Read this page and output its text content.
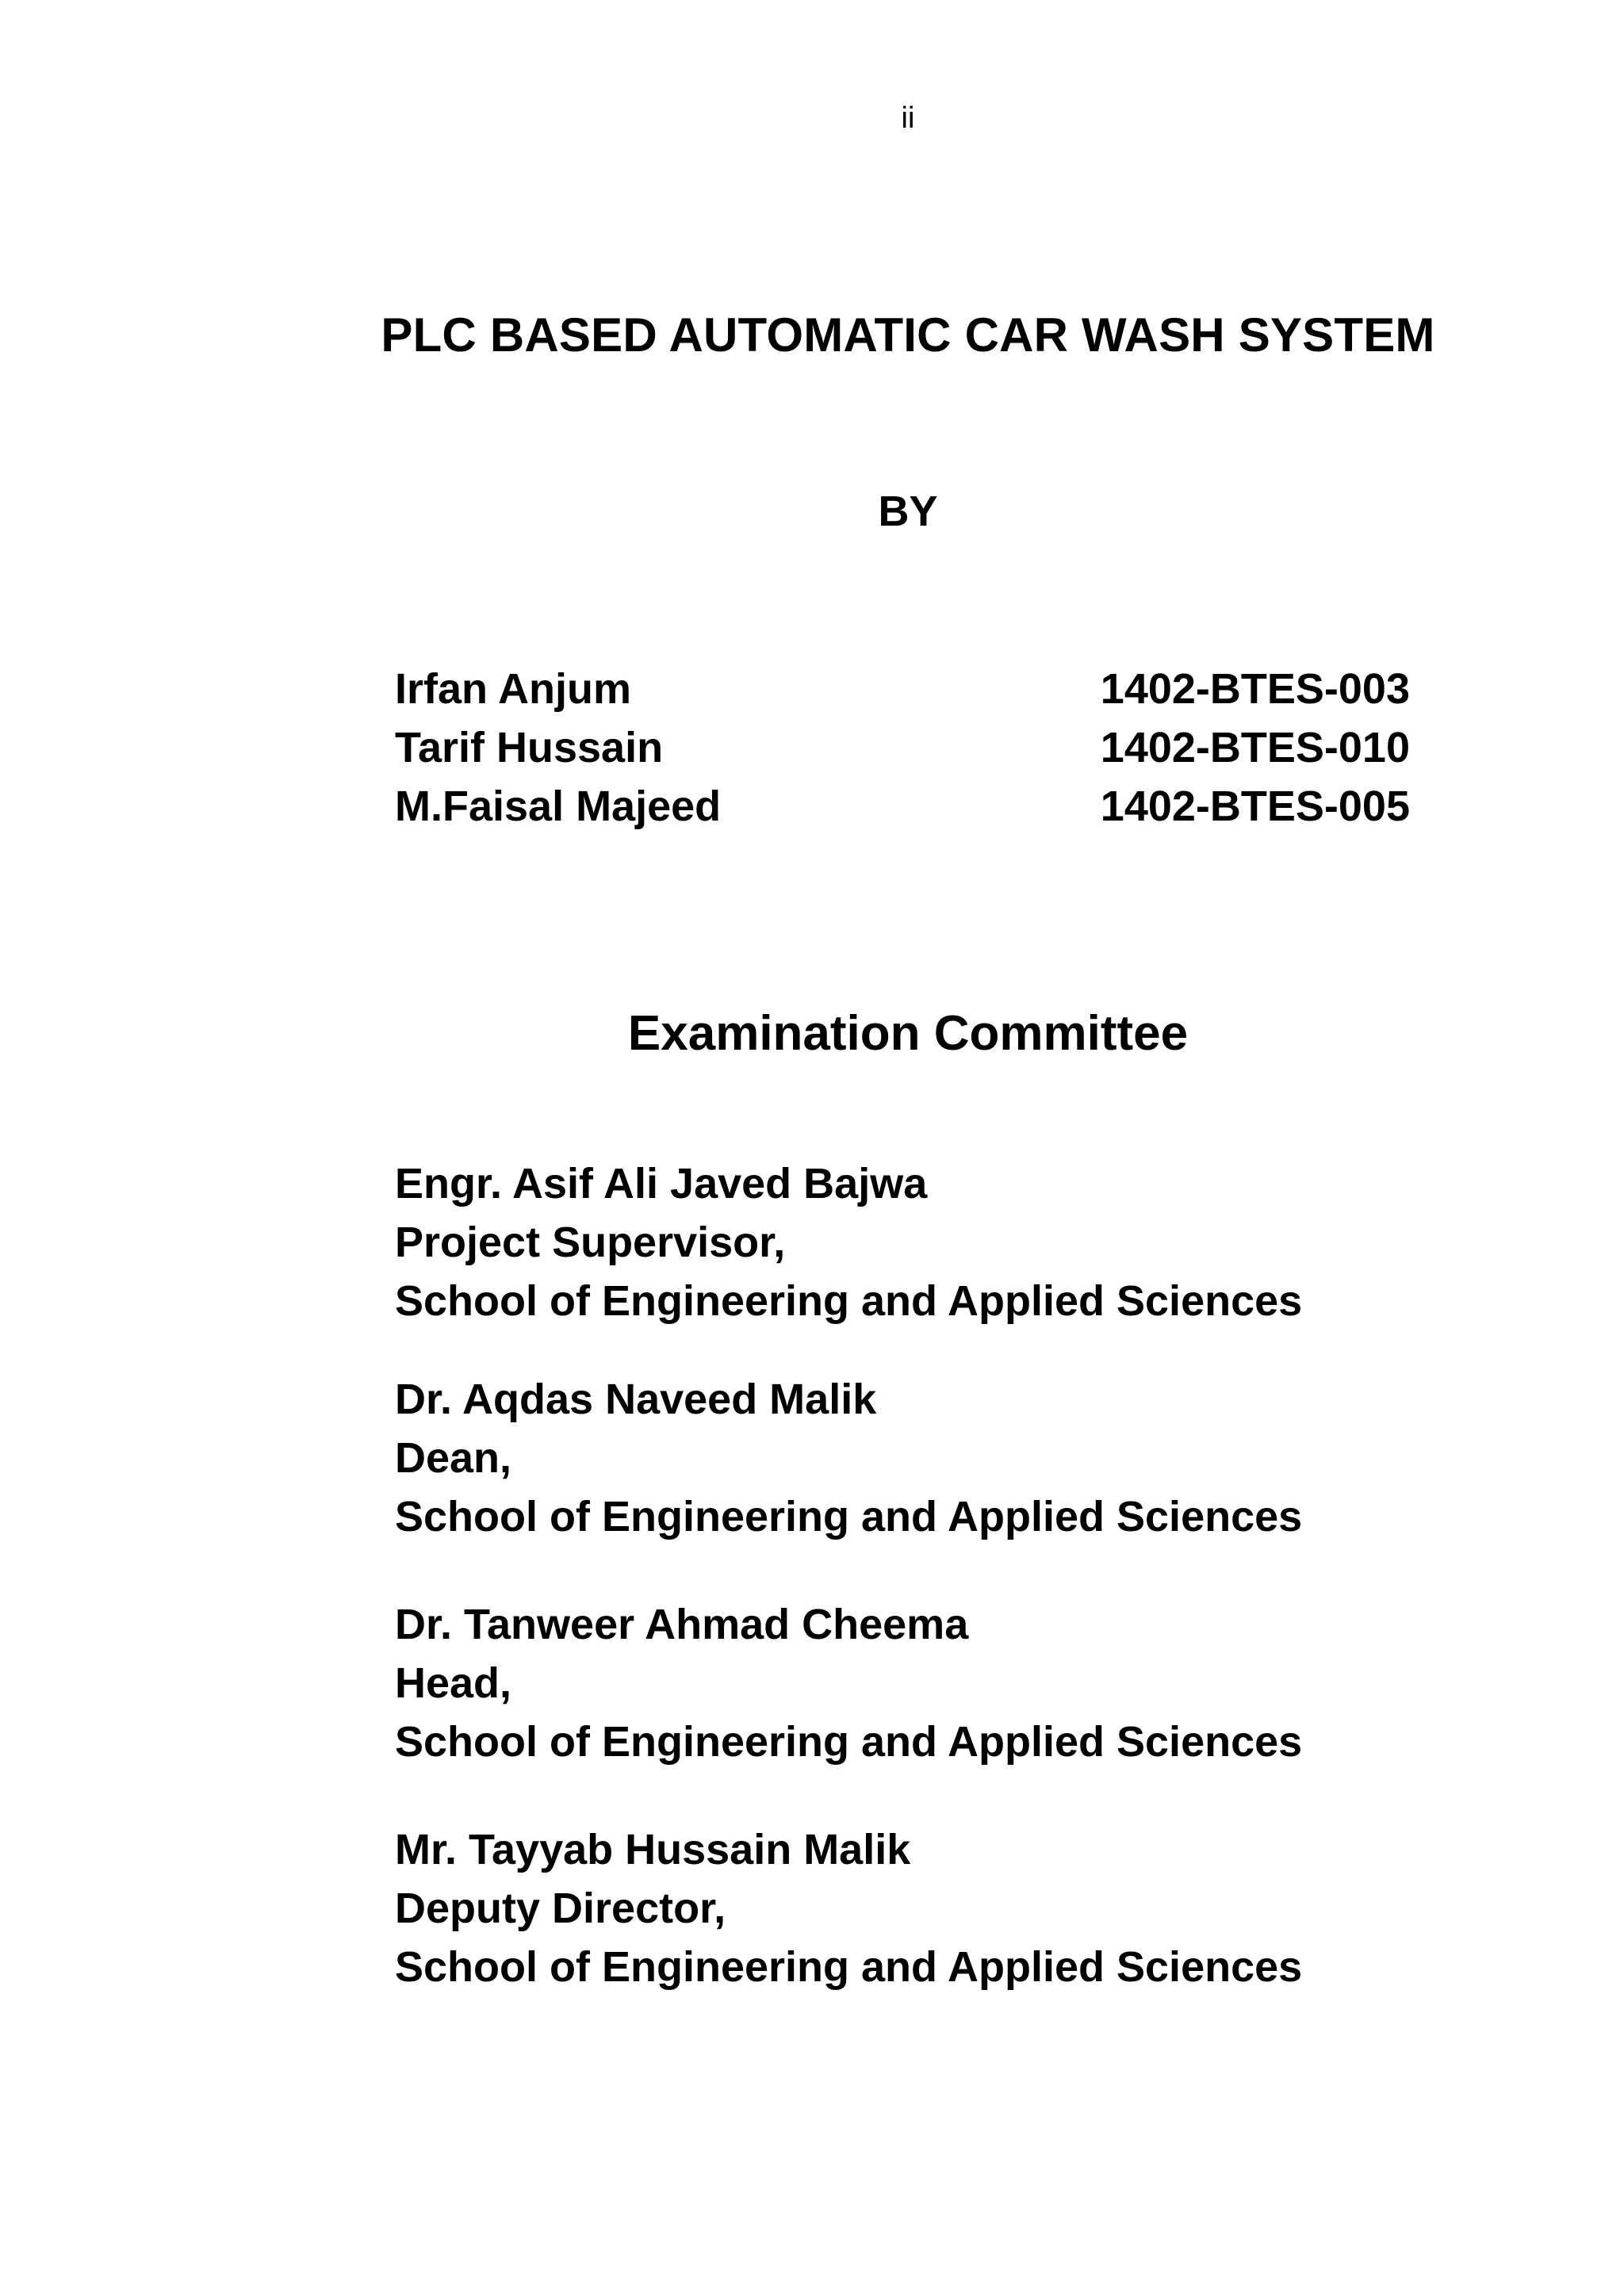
ii
PLC BASED AUTOMATIC CAR WASH SYSTEM
BY
Irfan Anjum	1402-BTES-003
Tarif Hussain	1402-BTES-010
M.Faisal Majeed	1402-BTES-005
Examination Committee
Engr. Asif Ali Javed Bajwa
Project Supervisor,
School of Engineering and Applied Sciences
Dr. Aqdas Naveed Malik
Dean,
School of Engineering and Applied Sciences
Dr. Tanweer Ahmad Cheema
Head,
School of Engineering and Applied Sciences
Mr. Tayyab Hussain Malik
Deputy Director,
School of Engineering and Applied Sciences
